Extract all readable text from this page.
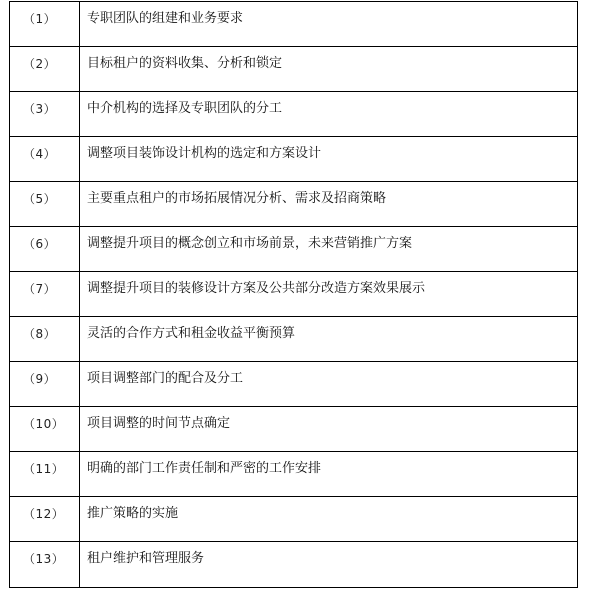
（1）	专职团队的组建和业务要求

（2）	目标租户的资料收集、分析和锁定

（3）	中介机构的选择及专职团队的分工

（4）	调整项目装饰设计机构的选定和方案设计

（5）	主要重点租户的市场拓展情况分析、需求及招商策略

（6）	调整提升项目的概念创立和市场前景，未来营销推广方案

（7）	调整提升项目的装修设计方案及公共部分改造方案效果展示

（8）	灵活的合作方式和租金收益平衡预算

（9）	项目调整部门的配合及分工

（10）	项目调整的时间节点确定

（11）	明确的部门工作责任制和严密的工作安排

（12）	推广策略的实施

（13）	租户维护和管理服务
